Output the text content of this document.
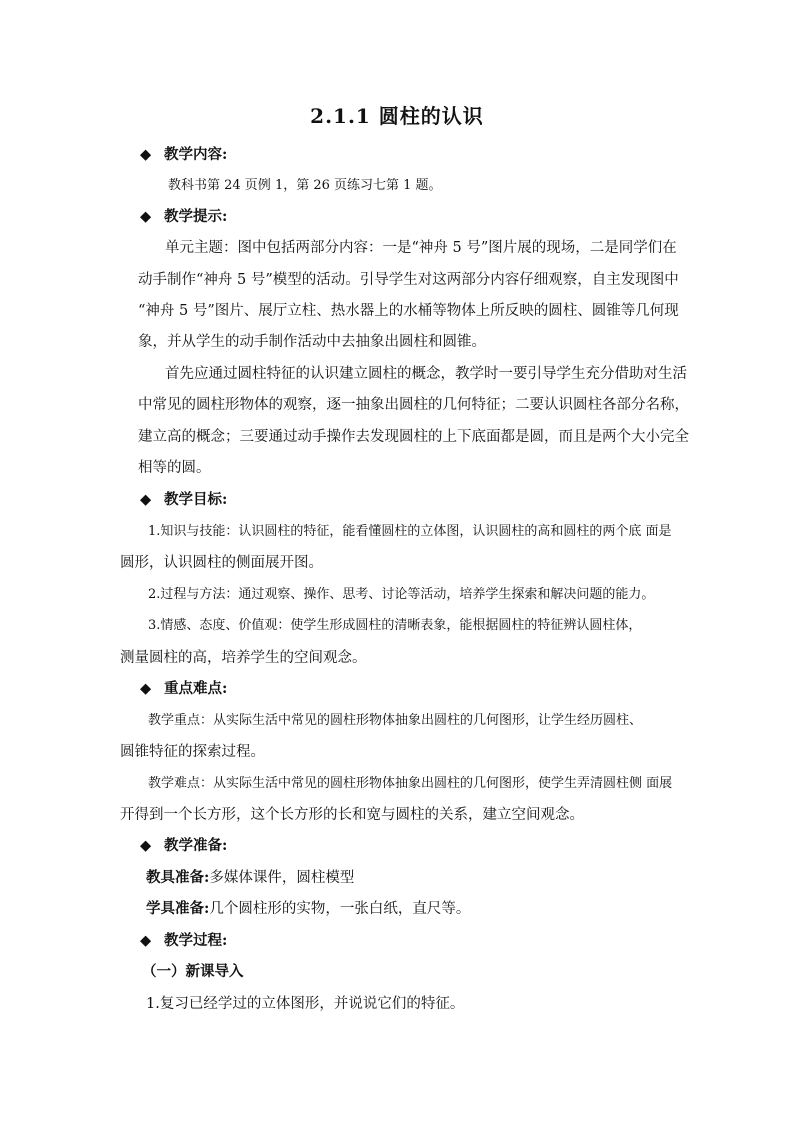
2.1.1 圆柱的认识
◆ 教学内容:
教科书第 24 页例 1，第 26 页练习七第 1 题。
◆ 教学提示:
单元主题：图中包括两部分内容：一是“神舟 5 号”图片展的现场，二是同学们在
动手制作“神舟 5 号”模型的活动。引导学生对这两部分内容仔细观察，自主发现图中
“神舟 5 号”图片、展厅立柱、热水器上的水桶等物体上所反映的圆柱、圆锥等几何现
象，并从学生的动手制作活动中去抽象出圆柱和圆锥。
首先应通过圆柱特征的认识建立圆柱的概念，教学时一要引导学生充分借助对生活
中常见的圆柱形物体的观察，逐一抽象出圆柱的几何特征；二要认识圆柱各部分名称，
建立高的概念；三要通过动手操作去发现圆柱的上下底面都是圆，而且是两个大小完全
相等的圆。
◆ 教学目标:
1.知识与技能：认识圆柱的特征，能看懂圆柱的立体图，认识圆柱的高和圆柱的两个底 面是
圆形，认识圆柱的侧面展开图。
2.过程与方法：通过观察、操作、思考、讨论等活动，培养学生探索和解决问题的能力。
3.情感、态度、价值观：使学生形成圆柱的清晰表象，能根据圆柱的特征辨认圆柱体，
测量圆柱的高，培养学生的空间观念。
◆ 重点难点:
教学重点：从实际生活中常见的圆柱形物体抽象出圆柱的几何图形，让学生经历圆柱、
圆锥特征的探索过程。
教学难点：从实际生活中常见的圆柱形物体抽象出圆柱的几何图形，使学生弄清圆柱侧 面展
开得到一个长方形，这个长方形的长和宽与圆柱的关系，建立空间观念。
◆ 教学准备:
教具准备:多媒体课件，圆柱模型
学具准备:几个圆柱形的实物，一张白纸，直尺等。
◆ 教学过程:
（一）新课导入
1.复习已经学过的立体图形，并说说它们的特征。
